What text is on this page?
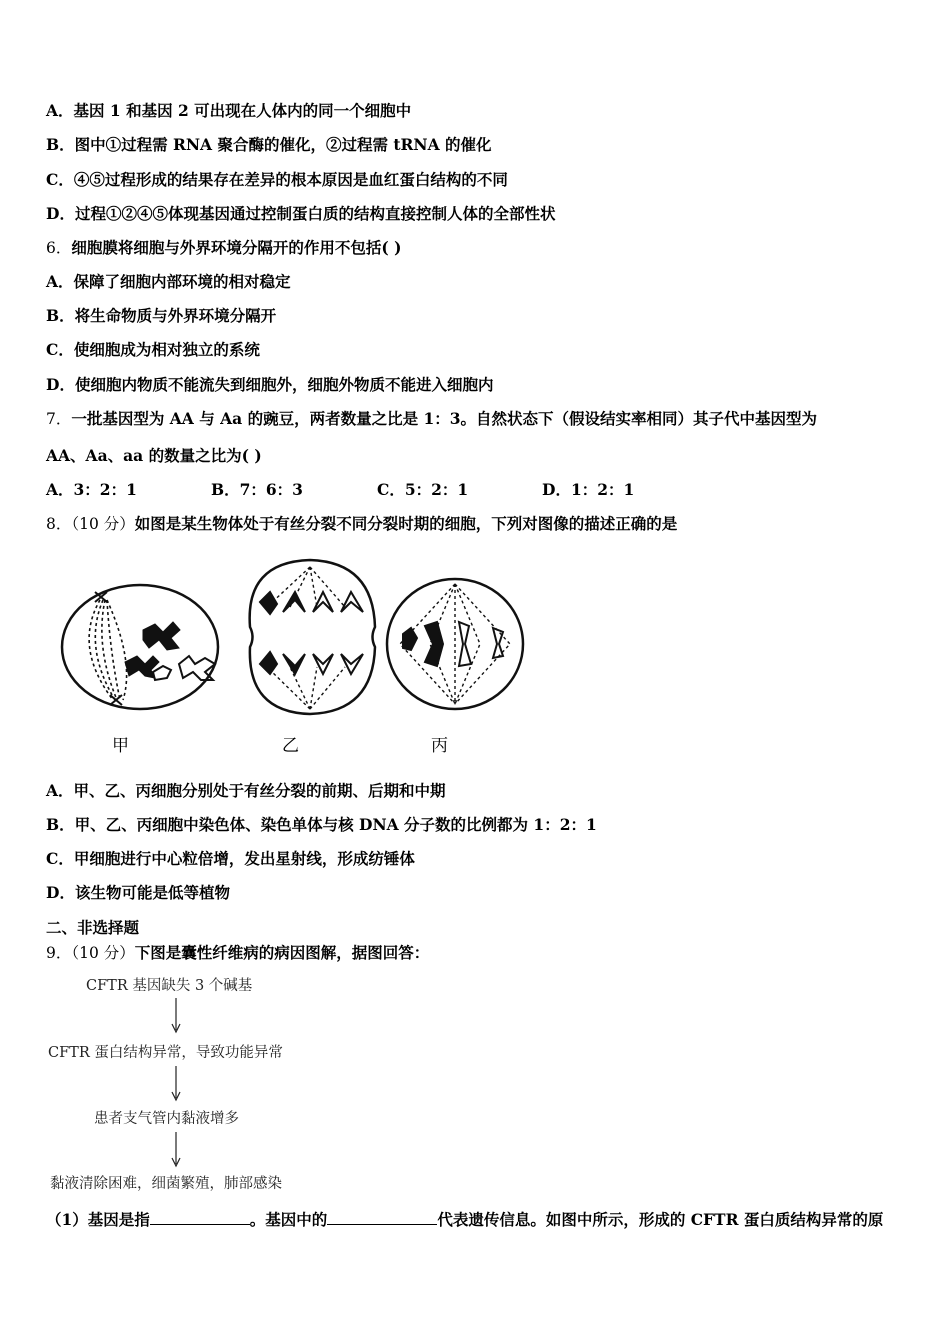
A．基因 1 和基因 2 可出现在人体内的同一个细胞中
B．图中①过程需 RNA 聚合酶的催化，②过程需 tRNA 的催化
C．④⑤过程形成的结果存在差异的根本原因是血红蛋白结构的不同
D．过程①②④⑤体现基因通过控制蛋白质的结构直接控制人体的全部性状
6．细胞膜将细胞与外界环境分隔开的作用不包括( )
A．保障了细胞内部环境的相对稳定
B．将生命物质与外界环境分隔开
C．使细胞成为相对独立的系统
D．使细胞内物质不能流失到细胞外，细胞外物质不能进入细胞内
7．一批基因型为 AA 与 Aa 的豌豆，两者数量之比是 1：3。自然状态下（假设结实率相同）其子代中基因型为
AA、Aa、aa 的数量之比为( )
A．3：2：1	B．7：6：3	C．5：2：1	D．1：2：1
8．（10 分）如图是某生物体处于有丝分裂不同分裂时期的细胞，下列对图像的描述正确的是
甲	乙	丙
A．甲、乙、丙细胞分别处于有丝分裂的前期、后期和中期
B．甲、乙、丙细胞中染色体、染色单体与核 DNA 分子数的比例都为 1：2：1
C．甲细胞进行中心粒倍增，发出星射线，形成纺锤体
D．该生物可能是低等植物
二、非选择题
9．（10 分）下图是囊性纤维病的病因图解，据图回答：
CFTR 基因缺失 3 个碱基
CFTR 蛋白结构异常，导致功能异常
患者支气管内黏液增多
黏液清除困难，细菌繁殖，肺部感染
（1）基因是指	。基因中的	代表遗传信息。如图中所示，形成的 CFTR 蛋白质结构异常的原
